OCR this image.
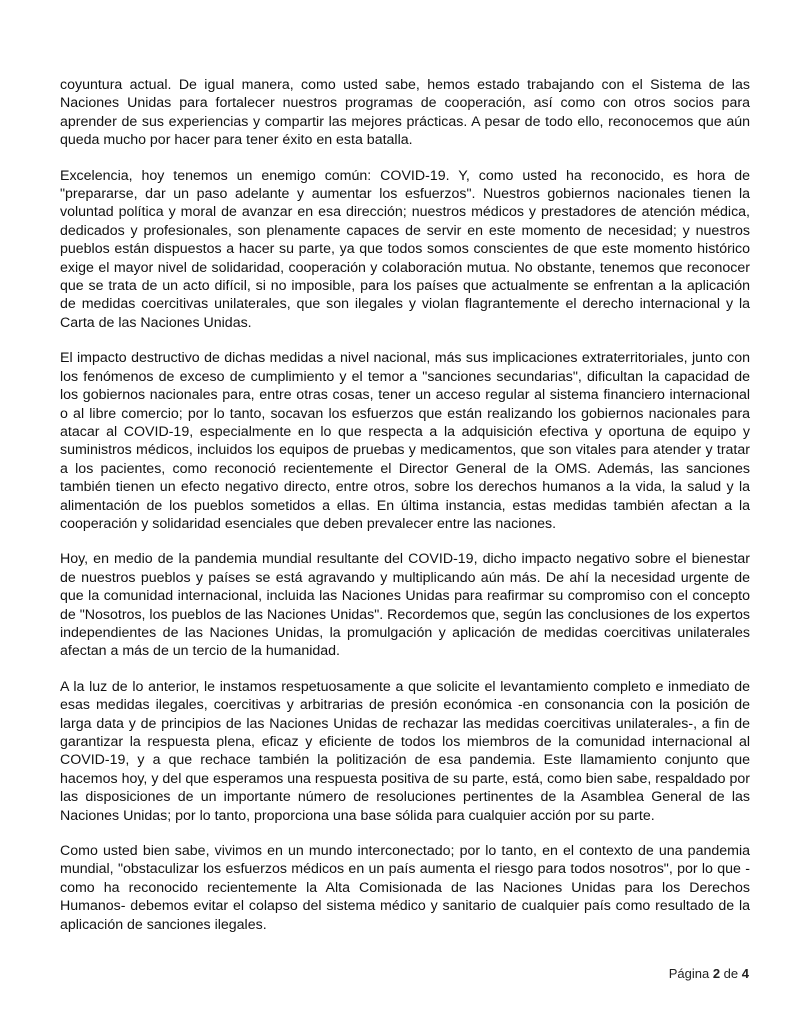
coyuntura actual. De igual manera, como usted sabe, hemos estado trabajando con el Sistema de las Naciones Unidas para fortalecer nuestros programas de cooperación, así como con otros socios para aprender de sus experiencias y compartir las mejores prácticas. A pesar de todo ello, reconocemos que aún queda mucho por hacer para tener éxito en esta batalla.

Excelencia, hoy tenemos un enemigo común: COVID-19. Y, como usted ha reconocido, es hora de "prepararse, dar un paso adelante y aumentar los esfuerzos". Nuestros gobiernos nacionales tienen la voluntad política y moral de avanzar en esa dirección; nuestros médicos y prestadores de atención médica, dedicados y profesionales, son plenamente capaces de servir en este momento de necesidad; y nuestros pueblos están dispuestos a hacer su parte, ya que todos somos conscientes de que este momento histórico exige el mayor nivel de solidaridad, cooperación y colaboración mutua. No obstante, tenemos que reconocer que se trata de un acto difícil, si no imposible, para los países que actualmente se enfrentan a la aplicación de medidas coercitivas unilaterales, que son ilegales y violan flagrantemente el derecho internacional y la Carta de las Naciones Unidas.

El impacto destructivo de dichas medidas a nivel nacional, más sus implicaciones extraterritoriales, junto con los fenómenos de exceso de cumplimiento y el temor a "sanciones secundarias", dificultan la capacidad de los gobiernos nacionales para, entre otras cosas, tener un acceso regular al sistema financiero internacional o al libre comercio; por lo tanto, socavan los esfuerzos que están realizando los gobiernos nacionales para atacar al COVID-19, especialmente en lo que respecta a la adquisición efectiva y oportuna de equipo y suministros médicos, incluidos los equipos de pruebas y medicamentos, que son vitales para atender y tratar a los pacientes, como reconoció recientemente el Director General de la OMS. Además, las sanciones también tienen un efecto negativo directo, entre otros, sobre los derechos humanos a la vida, la salud y la alimentación de los pueblos sometidos a ellas. En última instancia, estas medidas también afectan a la cooperación y solidaridad esenciales que deben prevalecer entre las naciones.

Hoy, en medio de la pandemia mundial resultante del COVID-19, dicho impacto negativo sobre el bienestar de nuestros pueblos y países se está agravando y multiplicando aún más. De ahí la necesidad urgente de que la comunidad internacional, incluida las Naciones Unidas para reafirmar su compromiso con el concepto de "Nosotros, los pueblos de las Naciones Unidas". Recordemos que, según las conclusiones de los expertos independientes de las Naciones Unidas, la promulgación y aplicación de medidas coercitivas unilaterales afectan a más de un tercio de la humanidad.

A la luz de lo anterior, le instamos respetuosamente a que solicite el levantamiento completo e inmediato de esas medidas ilegales, coercitivas y arbitrarias de presión económica -en consonancia con la posición de larga data y de principios de las Naciones Unidas de rechazar las medidas coercitivas unilaterales-, a fin de garantizar la respuesta plena, eficaz y eficiente de todos los miembros de la comunidad internacional al COVID-19, y a que rechace también la politización de esa pandemia. Este llamamiento conjunto que hacemos hoy, y del que esperamos una respuesta positiva de su parte, está, como bien sabe, respaldado por las disposiciones de un importante número de resoluciones pertinentes de la Asamblea General de las Naciones Unidas; por lo tanto, proporciona una base sólida para cualquier acción por su parte.

Como usted bien sabe, vivimos en un mundo interconectado; por lo tanto, en el contexto de una pandemia mundial, "obstaculizar los esfuerzos médicos en un país aumenta el riesgo para todos nosotros", por lo que -como ha reconocido recientemente la Alta Comisionada de las Naciones Unidas para los Derechos Humanos- debemos evitar el colapso del sistema médico y sanitario de cualquier país como resultado de la aplicación de sanciones ilegales.

Página 2 de 4
